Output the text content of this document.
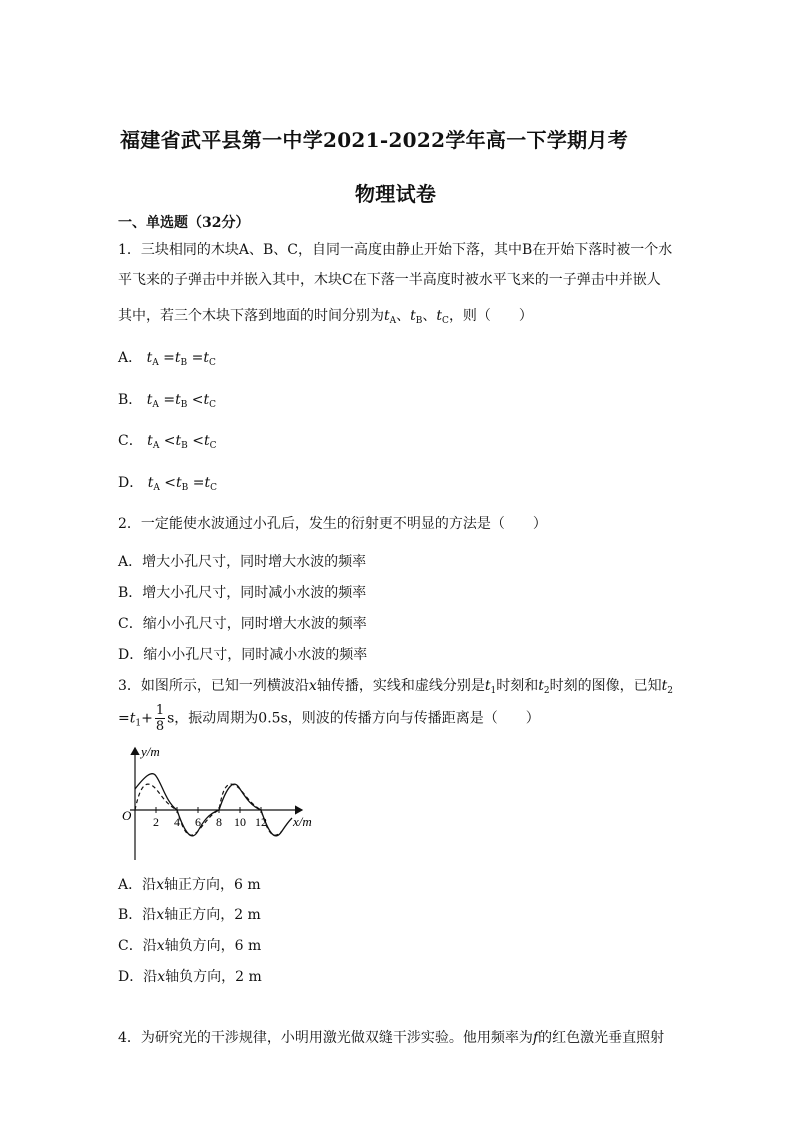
福建省武平县第一中学2021-2022学年高一下学期月考
物理试卷
一、单选题（32分）
1．三块相同的木块A、B、C，自同一高度由静止开始下落，其中B在开始下落时被一个水
平飞来的子弹击中并嵌入其中，木块C在下落一半高度时被水平飞来的一子弹击中并嵌人
其中，若三个木块下落到地面的时间分别为$t_A$、$t_B$、$t_C$，则（　　）
A． $t_A =t_B =t_C$
B． $t_A =t_B <t_C$
C． $t_A <t_B <t_C$
D． $t_A <t_B =t_C$
2．一定能使水波通过小孔后，发生的衍射更不明显的方法是（　　）
A．增大小孔尺寸，同时增大水波的频率
B．增大小孔尺寸，同时减小水波的频率
C．缩小小孔尺寸，同时增大水波的频率
D．缩小小孔尺寸，同时减小水波的频率
3．如图所示，已知一列横波沿x轴传播，实线和虚线分别是$t_1$时刻和$t_2$时刻的图像，已知$t_2$
$=t_1+ \frac{1}{8}$ s，振动周期为0.5s，则波的传播方向与传播距离是（　　）
y/m
O	x/m
2 4 6 8 10 12
A．沿x轴正方向，6 m
B．沿x轴正方向，2 m
C．沿x轴负方向，6 m
D．沿x轴负方向，2 m
4．为研究光的干涉规律，小明用激光做双缝干涉实验。他用频率为f的红色激光垂直照射
